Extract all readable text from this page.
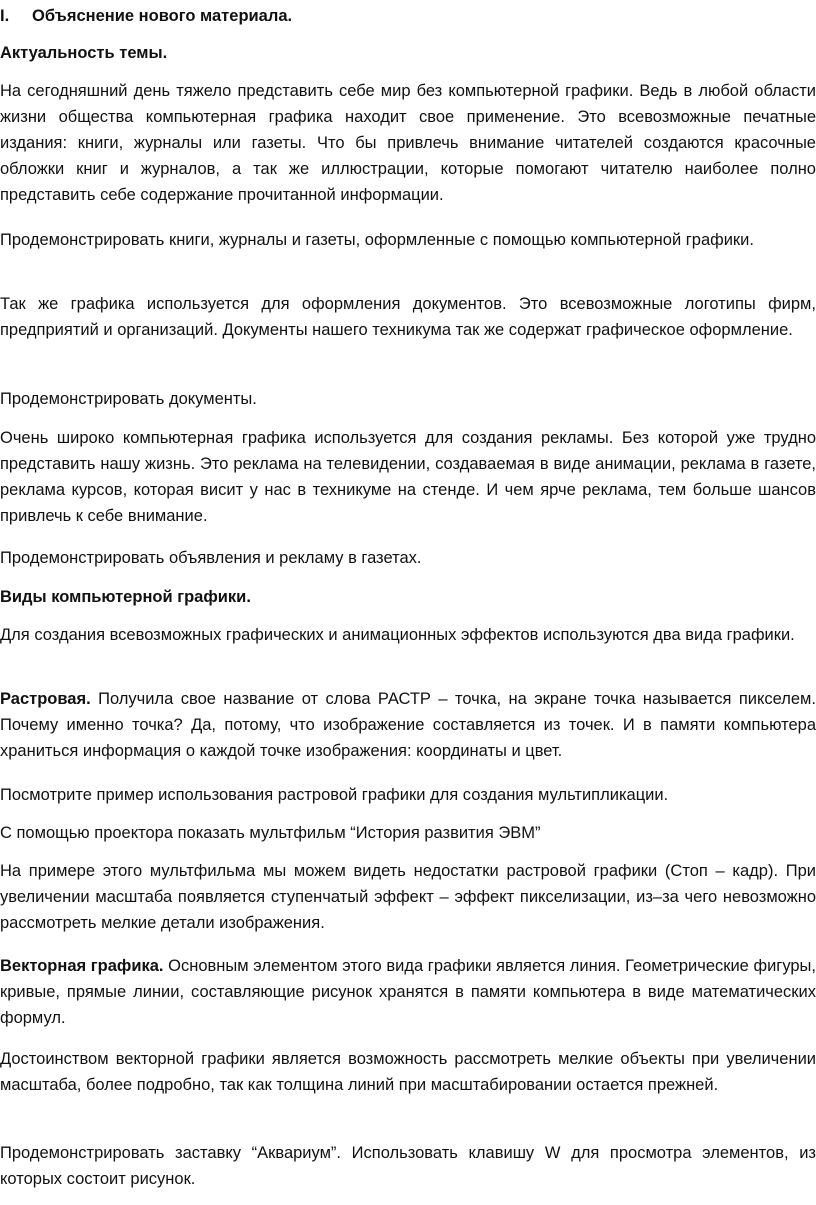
I. Объяснение нового материала.
Актуальность темы.
На сегодняшний день тяжело представить себе мир без компьютерной графики. Ведь в любой области жизни общества компьютерная графика находит свое применение. Это всевозможные печатные издания: книги, журналы или газеты. Что бы привлечь внимание читателей создаются красочные обложки книг и журналов, а так же иллюстрации, которые помогают читателю наиболее полно представить себе содержание прочитанной информации.
Продемонстрировать книги, журналы и газеты, оформленные с помощью компьютерной графики.
Так же графика используется для оформления документов. Это всевозможные логотипы фирм, предприятий и организаций. Документы нашего техникума так же содержат графическое оформление.
Продемонстрировать документы.
Очень широко компьютерная графика используется для создания рекламы. Без которой уже трудно представить нашу жизнь. Это реклама на телевидении, создаваемая в виде анимации, реклама в газете, реклама курсов, которая висит у нас в техникуме на стенде. И чем ярче реклама, тем больше шансов привлечь к себе внимание.
Продемонстрировать объявления и рекламу в газетах.
Виды компьютерной графики.
Для создания всевозможных графических и анимационных эффектов используются два вида графики.
Растровая. Получила свое название от слова РАСТР – точка, на экране точка называется пикселем. Почему именно точка? Да, потому, что изображение составляется из точек. И в памяти компьютера храниться информация о каждой точке изображения: координаты и цвет.
Посмотрите пример использования растровой графики для создания мультипликации.
С помощью проектора показать мультфильм “История развития ЭВМ”
На примере этого мультфильма мы можем видеть недостатки растровой графики (Стоп – кадр). При увеличении масштаба появляется ступенчатый эффект – эффект пикселизации, из–за чего невозможно рассмотреть мелкие детали изображения.
Векторная графика. Основным элементом этого вида графики является линия. Геометрические фигуры, кривые, прямые линии, составляющие рисунок хранятся в памяти компьютера в виде математических формул.
Достоинством векторной графики является возможность рассмотреть мелкие объекты при увеличении масштаба, более подробно, так как толщина линий при масштабировании остается прежней.
Продемонстрировать заставку “Аквариум”. Использовать клавишу W для просмотра элементов, из которых состоит рисунок.
